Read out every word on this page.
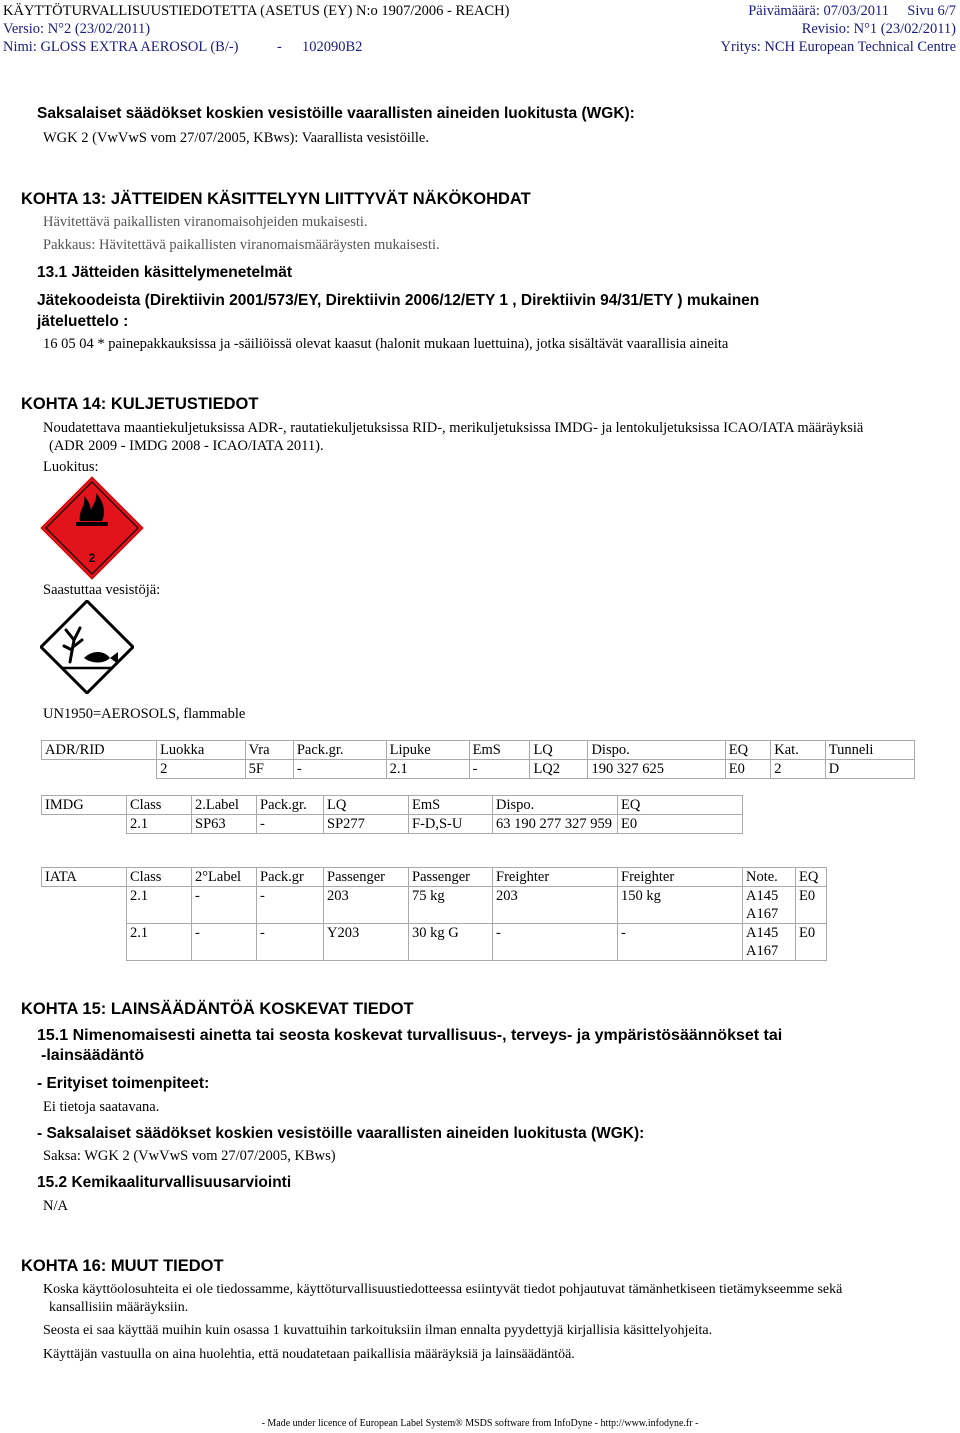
KÄYTTÖTURVALLISUUSTIEDOTETTA (ASETUS (EY) N:o 1907/2006 - REACH)	Päivämäärä: 07/03/2011 Sivu 6/7
Versio: N°2 (23/02/2011)	Revisio: N°1 (23/02/2011)
Nimi: GLOSS EXTRA AEROSOL (B/-)	- 102090B2	Yritys: NCH European Technical Centre
Saksalaiset säädökset koskien vesistöille vaarallisten aineiden luokitusta (WGK):
WGK 2 (VwVwS vom 27/07/2005, KBws): Vaarallista vesistöille.
KOHTA 13: JÄTTEIDEN KÄSITTELYYN LIITTYVÄT NÄKÖKOHDAT
Hävitettävä paikallisten viranomaisohjeiden mukaisesti.
Pakkaus: Hävitettävä paikallisten viranomaismääräysten mukaisesti.
13.1 Jätteiden käsittelymenetelmät
Jätekoodeista (Direktiivin 2001/573/EY, Direktiivin 2006/12/ETY 1 , Direktiivin 94/31/ETY ) mukainen
jäteluettelo :
16 05 04 * painepakkauksissa ja -säiliöissä olevat kaasut (halonit mukaan luettuina), jotka sisältävät vaarallisia aineita
KOHTA 14: KULJETUSTIEDOT
Noudatettava maantiekuljetuksissa ADR-, rautatiekuljetuksissa RID-, merikuljetuksissa IMDG- ja lentokuljetuksissa ICAO/IATA määräyksiä
(ADR 2009 - IMDG 2008 - ICAO/IATA 2011).
Luokitus:
2
Saastuttaa vesistöjä:
UN1950=AEROSOLS, flammable
ADR/RID	Luokka	Vra	Pack.gr.	Lipuke	EmS	LQ	Dispo.	EQ	Kat.	Tunneli
	2	5F	-	2.1	-	LQ2	190 327 625	E0	2	D
IMDG	Class	2.Label	Pack.gr.	LQ	EmS	Dispo.	EQ
	2.1	SP63	-	SP277	F-D,S-U	63 190 277 327 959	E0
IATA	Class	2°Label	Pack.gr	Passenger	Passenger	Freighter	Freighter	Note.	EQ
	2.1	-	-	203	75 kg	203	150 kg	A145 A167	E0
	2.1	-	-	Y203	30 kg G	-	-	A145 A167	E0
KOHTA 15: LAINSÄÄDÄNTÖÄ KOSKEVAT TIEDOT
15.1 Nimenomaisesti ainetta tai seosta koskevat turvallisuus-, terveys- ja ympäristösäännökset tai
-lainsäädäntö
- Erityiset toimenpiteet:
Ei tietoja saatavana.
- Saksalaiset säädökset koskien vesistöille vaarallisten aineiden luokitusta (WGK):
Saksa: WGK 2 (VwVwS vom 27/07/2005, KBws)
15.2 Kemikaaliturvallisuusarviointi
N/A
KOHTA 16: MUUT TIEDOT
Koska käyttöolosuhteita ei ole tiedossamme, käyttöturvallisuustiedotteessa esiintyvät tiedot pohjautuvat tämänhetkiseen tietämykseemme sekä
kansallisiin määräyksiin.
Seosta ei saa käyttää muihin kuin osassa 1 kuvattuihin tarkoituksiin ilman ennalta pyydettyjä kirjallisia käsittelyohjeita.
Käyttäjän vastuulla on aina huolehtia, että noudatetaan paikallisia määräyksiä ja lainsäädäntöä.
- Made under licence of European Label System® MSDS software from InfoDyne - http://www.infodyne.fr -
